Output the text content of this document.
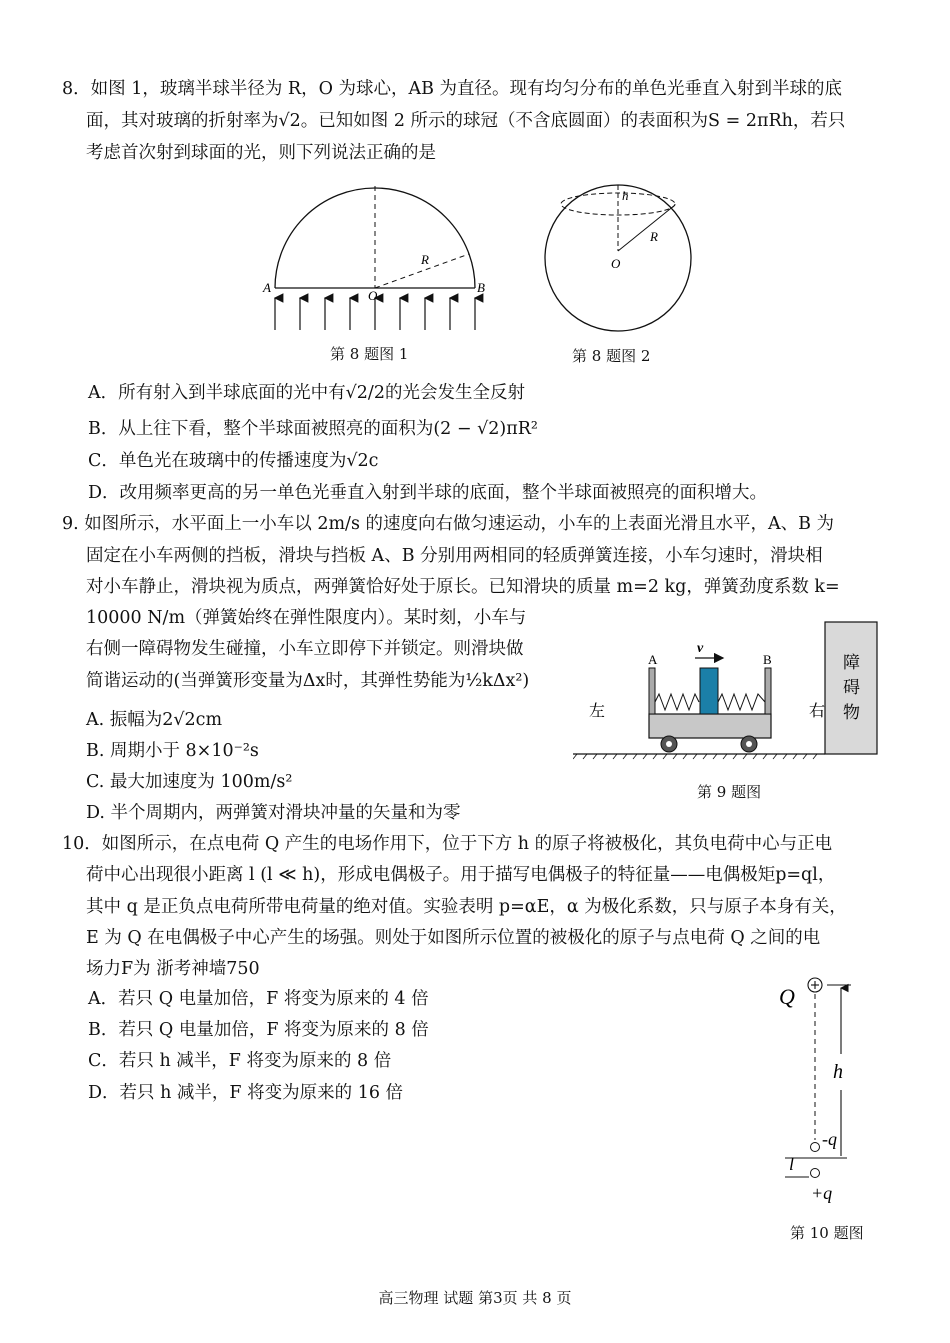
8．如图 1，玻璃半球半径为 R，O 为球心，AB 为直径。现有均匀分布的单色光垂直入射到半球的底
面，其对玻璃的折射率为√2。已知如图 2 所示的球冠（不含底圆面）的表面积为S = 2πRh，若只
考虑首次射到球面的光，则下列说法正确的是
A	B
O
R
第 8 题图 1
h
R
O
第 8 题图 2
A．所有射入到半球底面的光中有√2/2的光会发生全反射
B．从上往下看，整个半球面被照亮的面积为(2 − √2)πR²
C．单色光在玻璃中的传播速度为√2c
D．改用频率更高的另一单色光垂直入射到半球的底面，整个半球面被照亮的面积增大。
9. 如图所示，水平面上一小车以 2m/s 的速度向右做匀速运动，小车的上表面光滑且水平，A、B 为
固定在小车两侧的挡板，滑块与挡板 A、B 分别用两相同的轻质弹簧连接，小车匀速时，滑块相
对小车静止，滑块视为质点，两弹簧恰好处于原长。已知滑块的质量 m=2 kg，弹簧劲度系数 k=
10000 N/m（弹簧始终在弹性限度内）。某时刻，小车与
右侧一障碍物发生碰撞，小车立即停下并锁定。则滑块做
简谐运动的(当弹簧形变量为Δx时，其弹性势能为½kΔx²)
A. 振幅为2√2cm
B. 周期小于 8×10⁻²s
C. 最大加速度为 100m/s²
D. 半个周期内，两弹簧对滑块冲量的矢量和为零
障
碍
物
v
A	B
左	右
第 9 题图
10．如图所示，在点电荷 Q 产生的电场作用下，位于下方 h 的原子将被极化，其负电荷中心与正电
荷中心出现很小距离 l (l ≪ h)，形成电偶极子。用于描写电偶极子的特征量——电偶极矩p=ql，
其中 q 是正负点电荷所带电荷量的绝对值。实验表明 p=αE，α 为极化系数，只与原子本身有关，
E 为 Q 在电偶极子中心产生的场强。则处于如图所示位置的被极化的原子与点电荷 Q 之间的电
场力F为 浙考神墙750
A．若只 Q 电量加倍，F 将变为原来的 4 倍
B．若只 Q 电量加倍，F 将变为原来的 8 倍
C．若只 h 减半，F 将变为原来的 8 倍
D．若只 h 减半，F 将变为原来的 16 倍
Q
h
-q
l
+q
第 10 题图
高三物理 试题 第3页 共 8 页
